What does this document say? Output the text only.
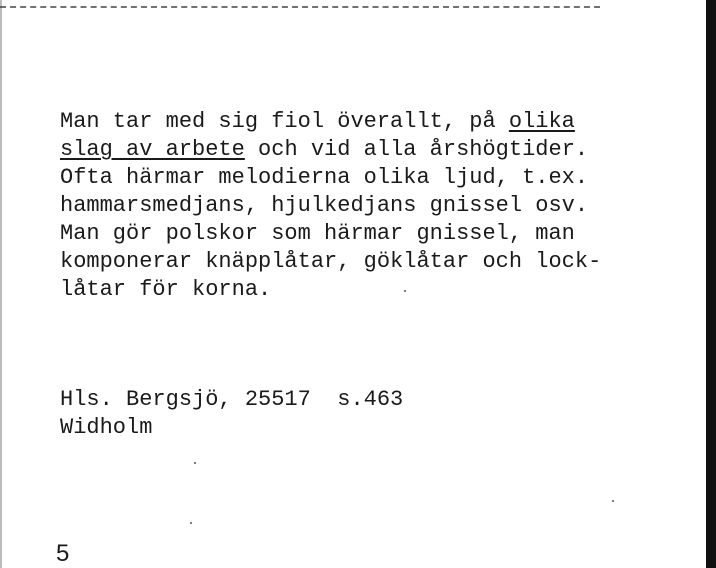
Man tar med sig fiol överallt, på olika
slag av arbete och vid alla årshögtider.
Ofta härmar melodierna olika ljud, t.ex.
hammarsmedjans, hjulkedjans gnissel osv.
Man gör polskor som härmar gnissel, man
komponerar knäpplåtar, göklåtar och lock-
låtar för korna.
Hls. Bergsjö, 25517  s.463
Widholm
5
